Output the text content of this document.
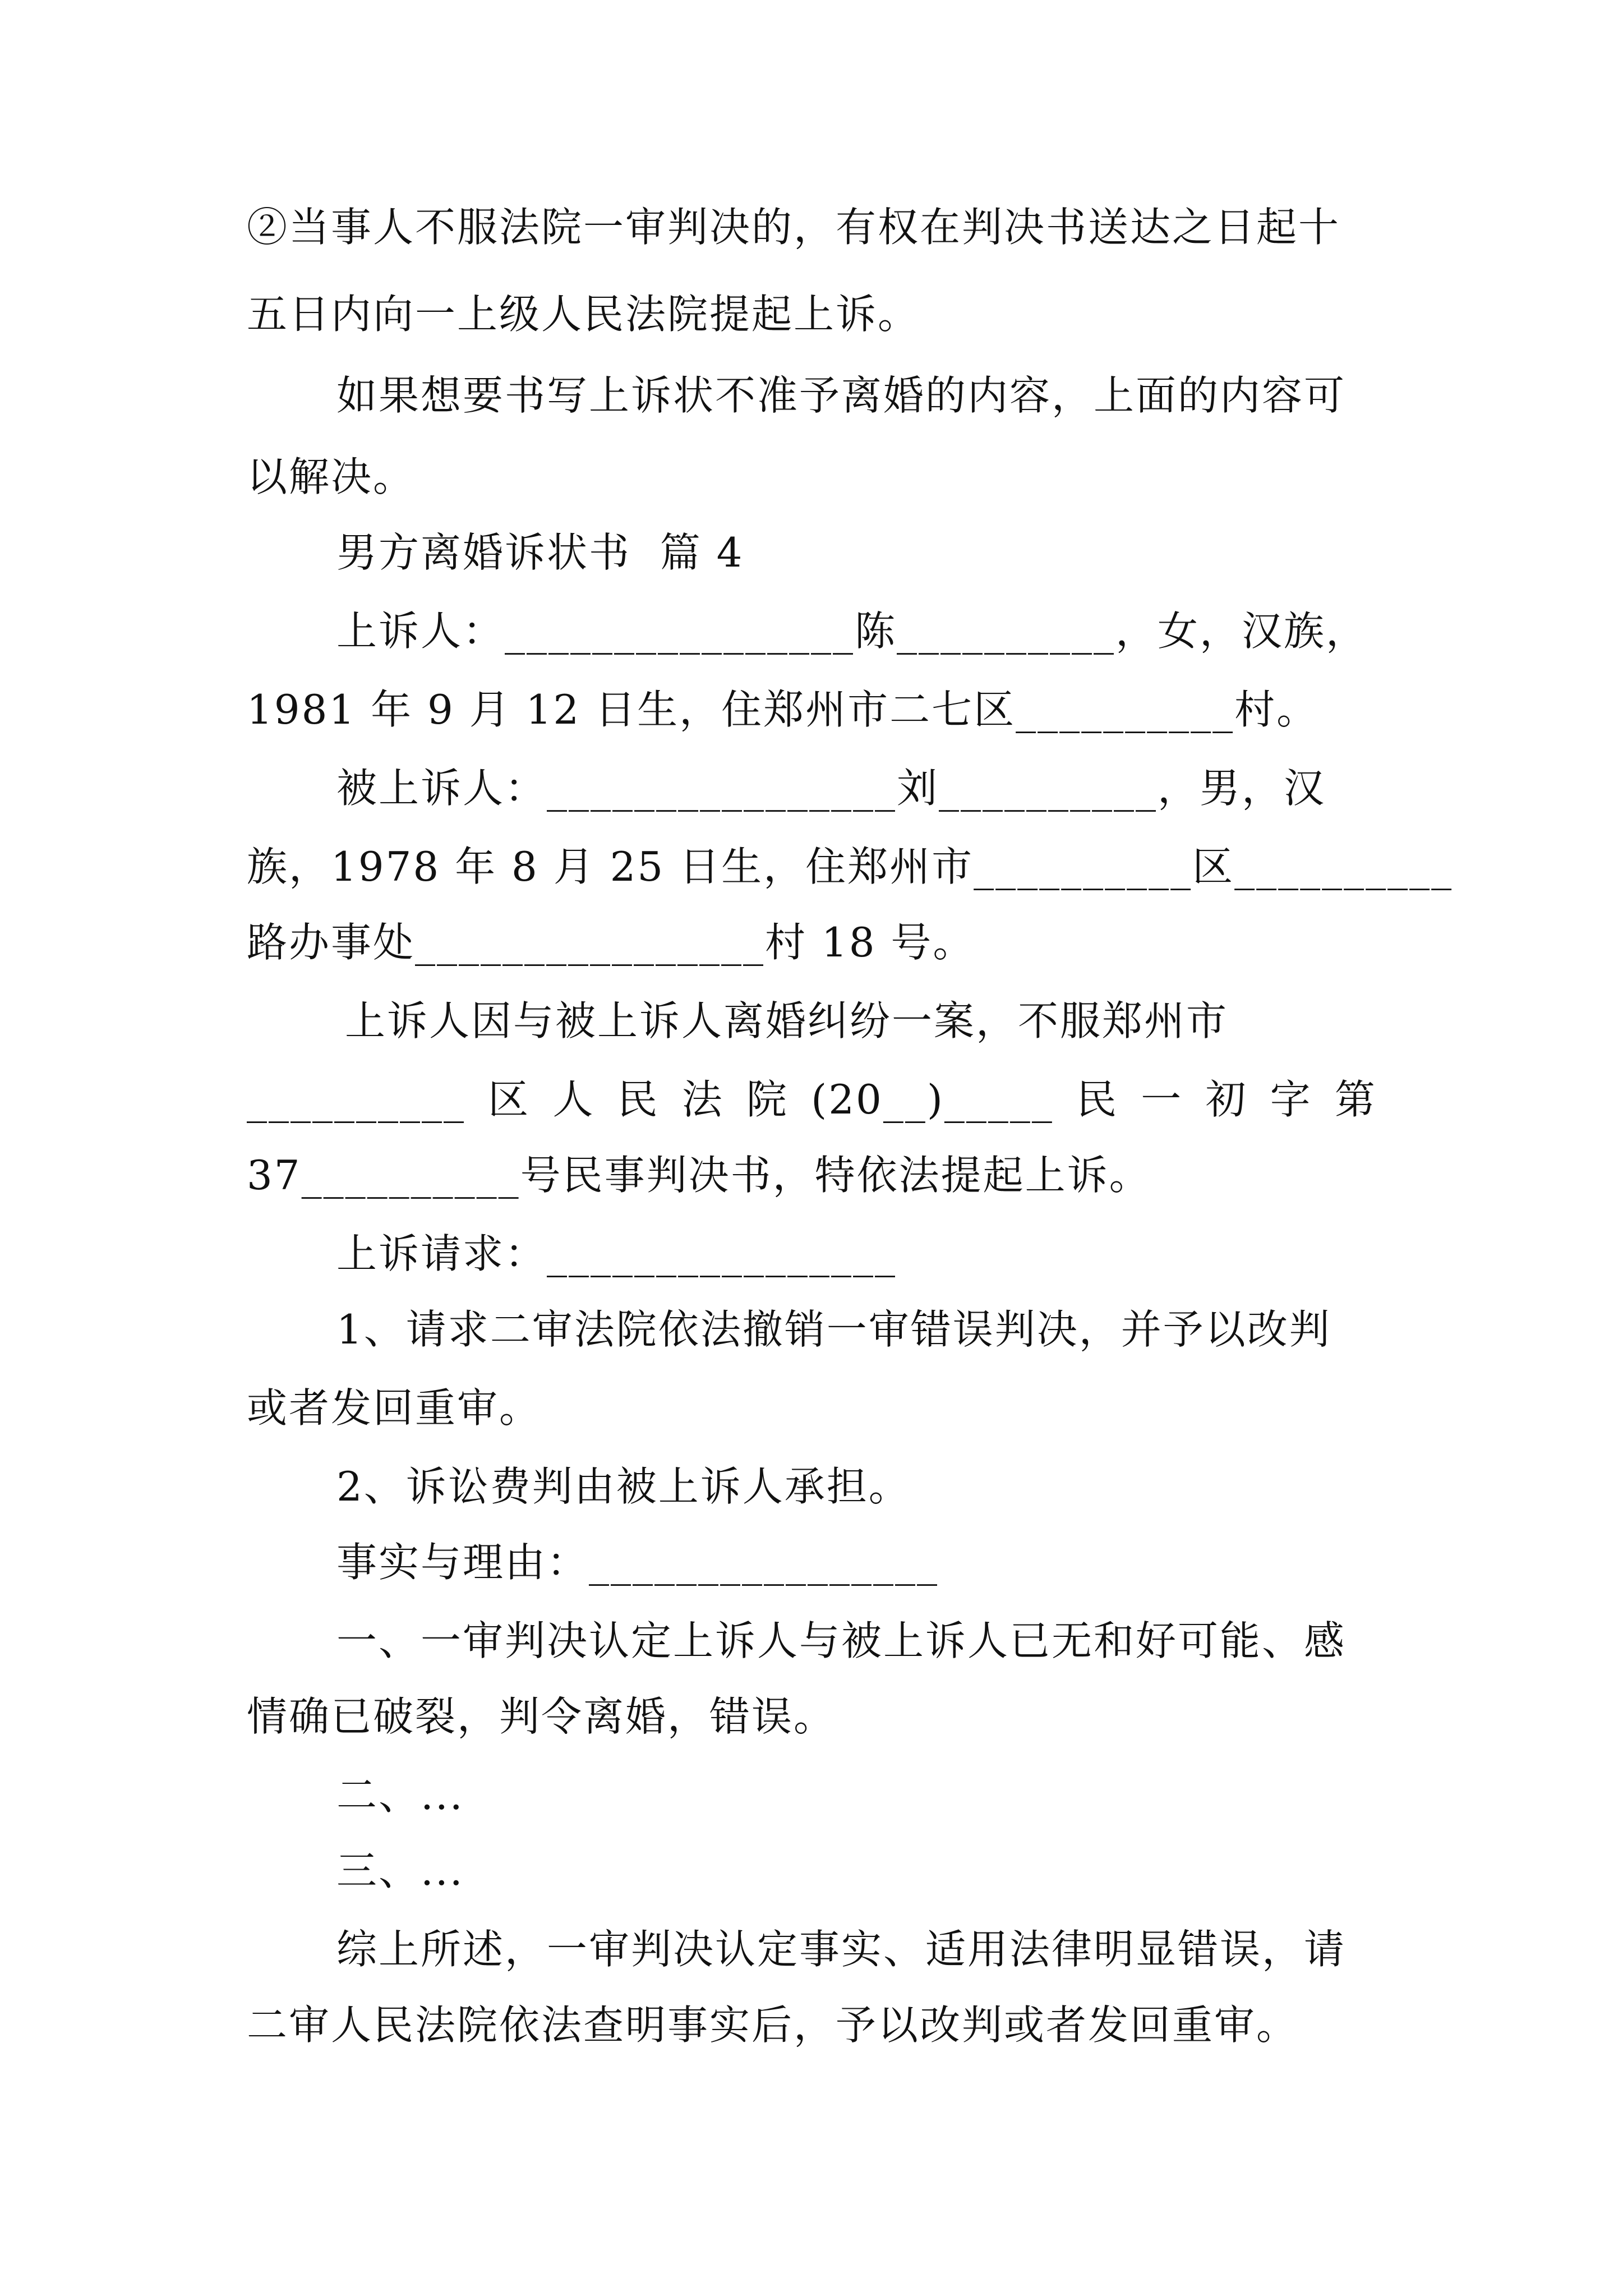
②当事人不服法院一审判决的，有权在判决书送达之日起十
五日内向一上级人民法院提起上诉。
如果想要书写上诉状不准予离婚的内容，上面的内容可
以解决。
男方离婚诉状书  篇 4
上诉人：________________陈__________，女，汉族，
1981 年 9 月 12 日生，住郑州市二七区__________村。
被上诉人：________________刘__________，男，汉
族，1978 年 8 月 25 日生，住郑州市__________区__________
路办事处________________村 18 号。
上诉人因与被上诉人离婚纠纷一案，不服郑州市
__________ 区 人 民 法 院 (20__)_____ 民 一 初 字 第
37__________号民事判决书，特依法提起上诉。
上诉请求：________________
1、请求二审法院依法撤销一审错误判决，并予以改判
或者发回重审。
2、诉讼费判由被上诉人承担。
事实与理由：________________
一、一审判决认定上诉人与被上诉人已无和好可能、感
情确已破裂，判令离婚，错误。
二、...
三、...
综上所述，一审判决认定事实、适用法律明显错误，请
二审人民法院依法查明事实后，予以改判或者发回重审。
